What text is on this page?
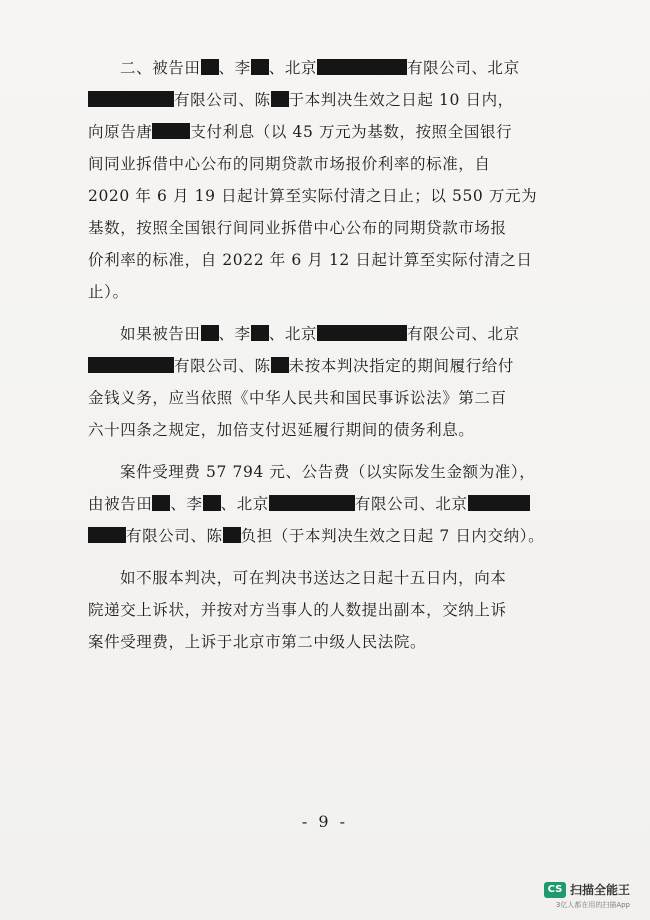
二、被告田 、李 、北京	有限公司、北京
有限公司、陈 于本判决生效之日起 10 日内，
向原告唐 支付利息（以 45 万元为基数，按照全国银行
间同业拆借中心公布的同期贷款市场报价利率的标准，自
2020 年 6 月 19 日起计算至实际付清之日止；以 550 万元为
基数，按照全国银行间同业拆借中心公布的同期贷款市场报
价利率的标准，自 2022 年 6 月 12 日起计算至实际付清之日
止）。
如果被告田 、李 、北京	有限公司、北京
有限公司、陈 未按本判决指定的期间履行给付
金钱义务，应当依照《中华人民共和国民事诉讼法》第二百
六十四条之规定，加倍支付迟延履行期间的债务利息。
案件受理费 57 794 元、公告费（以实际发生金额为准），
由被告田 、李 、北京	有限公司、北京
有限公司、陈 负担（于本判决生效之日起 7 日内交纳）。
如不服本判决，可在判决书送达之日起十五日内，向本
院递交上诉状，并按对方当事人的人数提出副本，交纳上诉
案件受理费，上诉于北京市第二中级人民法院。
- 9 -
CS 扫描全能王
3亿人都在用的扫描App
